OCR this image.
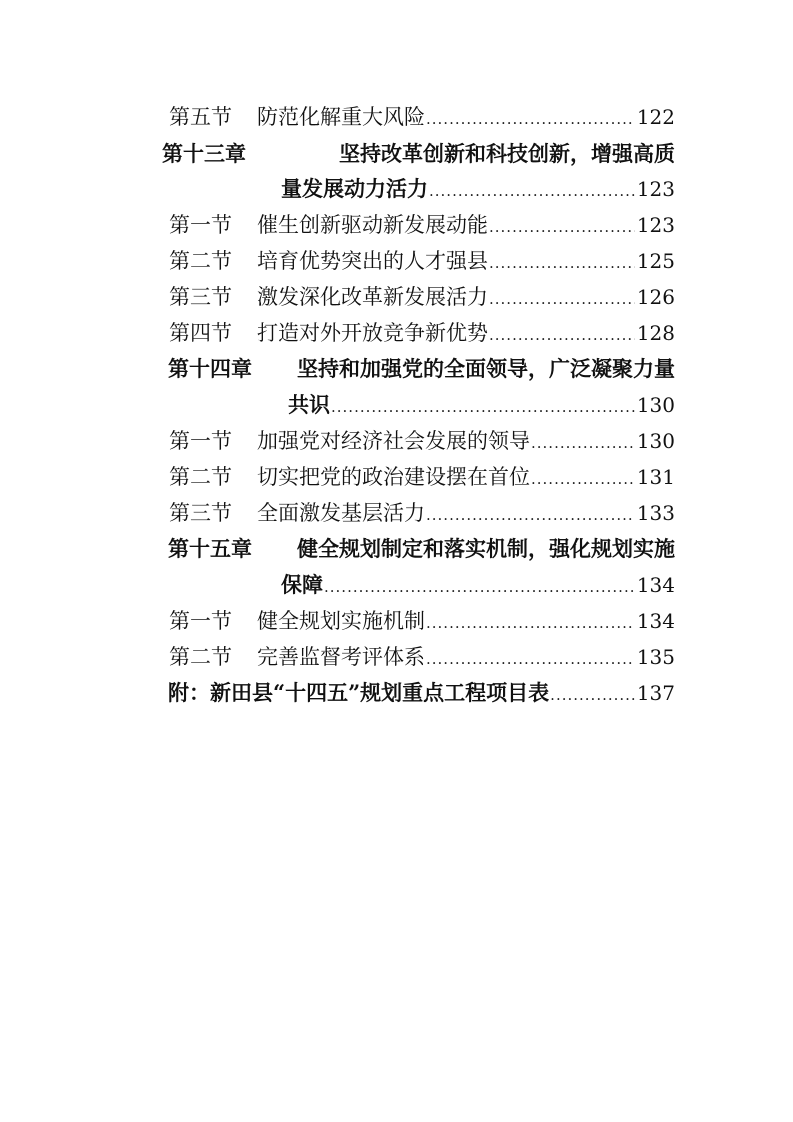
第五节	防范化解重大风险 .....	122
第十三章	坚持改革创新和科技创新，增强高质
量发展动力活力 .....	123
第一节	催生创新驱动新发展动能 .....	123
第二节	培育优势突出的人才强县 .....	125
第三节	激发深化改革新发展活力 .....	126
第四节	打造对外开放竞争新优势 .....	128
第十四章 坚持和加强党的全面领导，广泛凝聚力量
共识 .....	130
第一节	加强党对经济社会发展的领导 .....	130
第二节	切实把党的政治建设摆在首位 .....	131
第三节	全面激发基层活力 .....	133
第十五章 健全规划制定和落实机制，强化规划实施
保障 .....	134
第一节	健全规划实施机制 .....	134
第二节	完善监督考评体系 .....	135
附：新田县“十四五”规划重点工程项目表 .....	137
